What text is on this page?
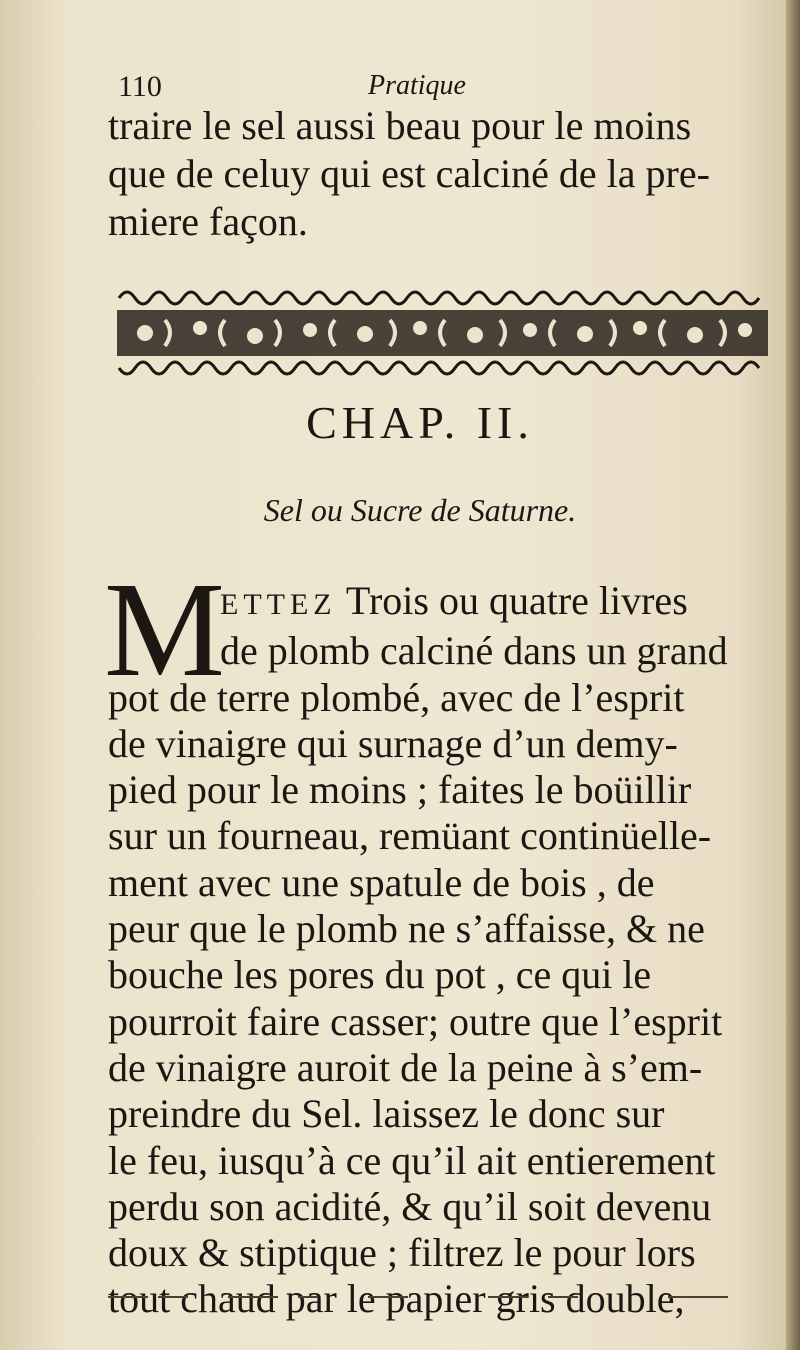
110	Pratique
traire le sel aussi beau pour le moins
que de celuy qui est calciné de la pre-
miere façon.
CHAP. II.
Sel ou Sucre de Saturne.
M
ETTEZ Trois ou quatre livres
de plomb calciné dans un grand
pot de terre plombé, avec de l’esprit
de vinaigre qui surnage d’un demy-
pied pour le moins ; faites le boüillir
sur un fourneau, remüant continüelle-
ment avec une spatule de bois , de
peur que le plomb ne s’affaisse, & ne
bouche les pores du pot , ce qui le
pourroit faire casser; outre que l’esprit
de vinaigre auroit de la peine à s’em-
preindre du Sel. laissez le donc sur
le feu, iusqu’à ce qu’il ait entierement
perdu son acidité, & qu’il soit devenu
doux & stiptique ; filtrez le pour lors
tout chaud par le papier gris double,
